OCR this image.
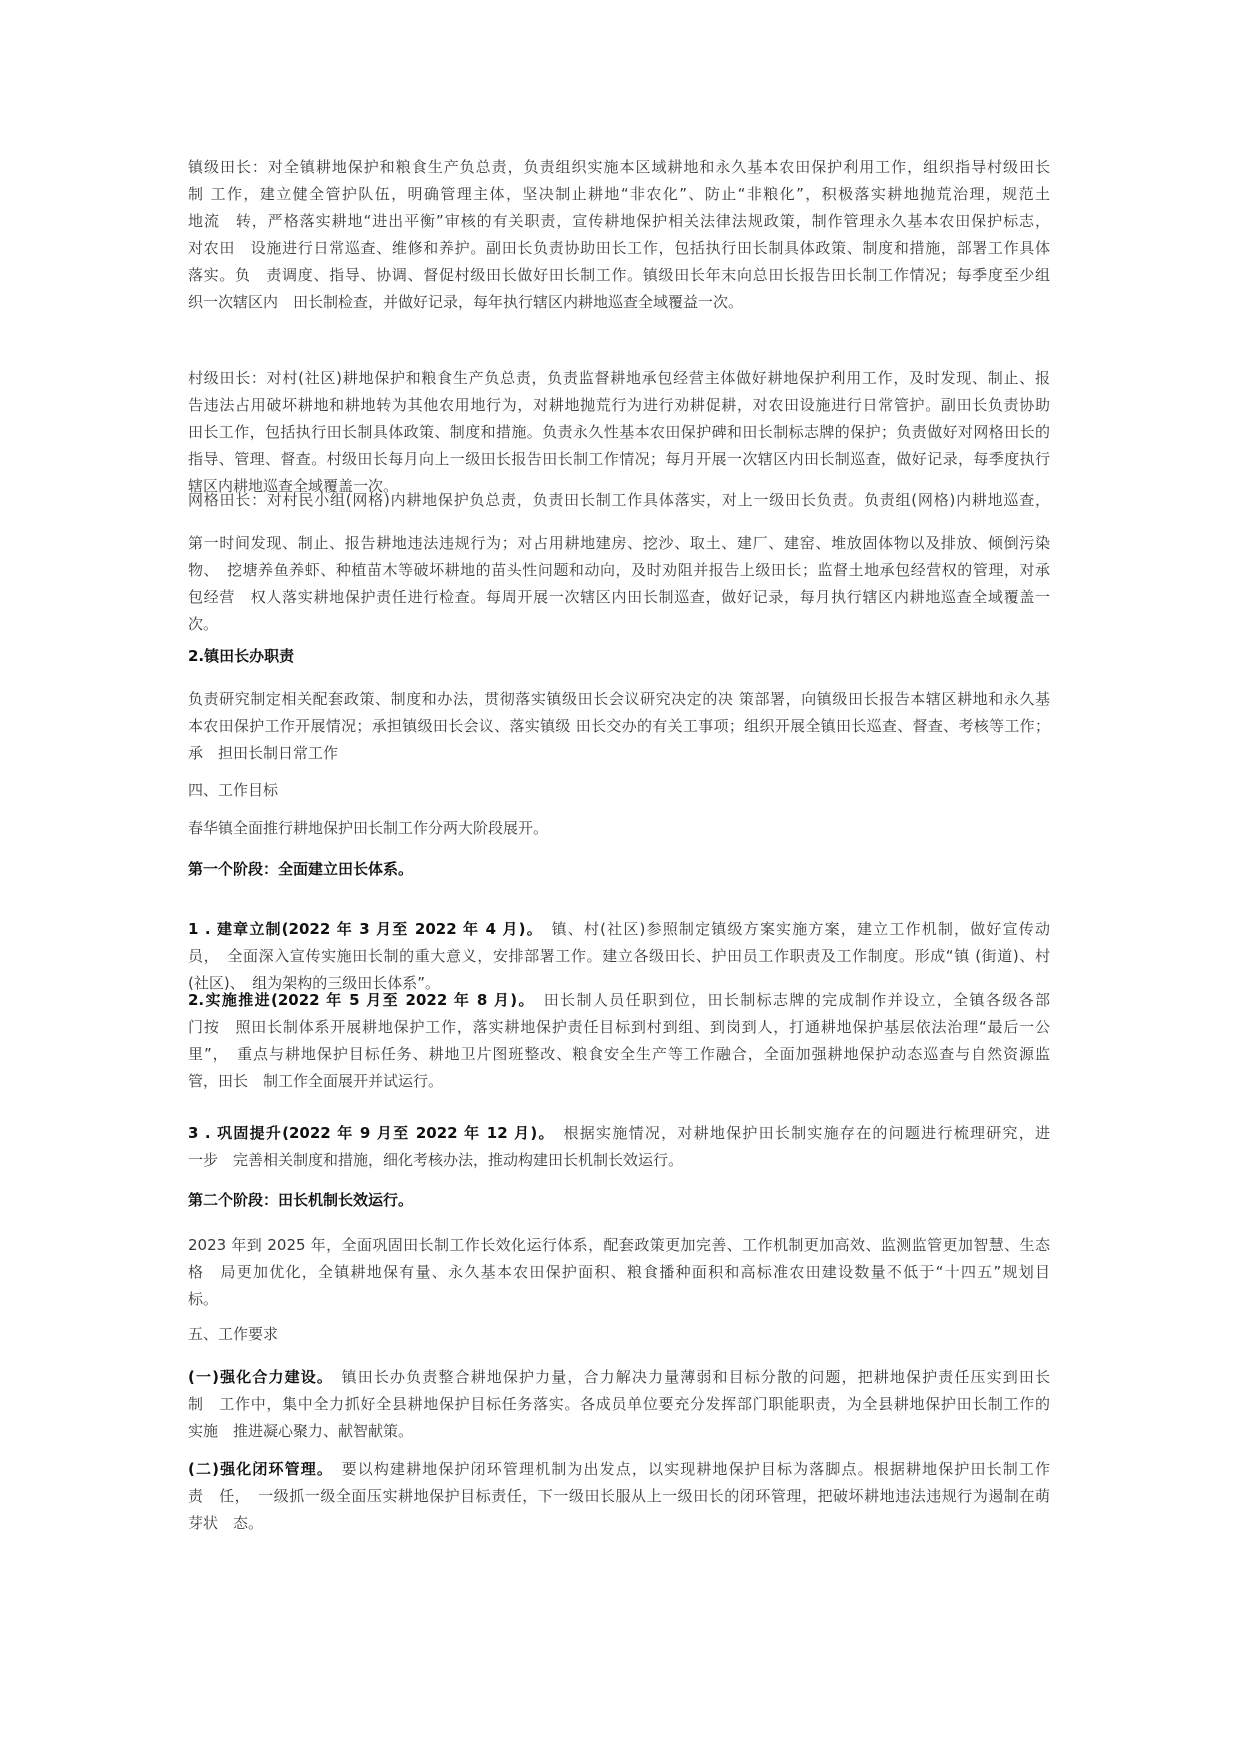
镇级田长：对全镇耕地保护和粮食生产负总责，负责组织实施本区域耕地和永久基本农田保护利用工作，组织指导村级田长
制 工作，建立健全管护队伍，明确管理主体，坚决制止耕地“非农化”、防止“非粮化”，积极落实耕地抛荒治理，规范土
地流　转，严格落实耕地“进出平衡”审核的有关职责，宣传耕地保护相关法律法规政策，制作管理永久基本农田保护标志，
对农田　设施进行日常巡查、维修和养护。副田长负责协助田长工作，包括执行田长制具体政策、制度和措施，部署工作具体
落实。负　责调度、指导、协调、督促村级田长做好田长制工作。镇级田长年末向总田长报告田长制工作情况；每季度至少组
织一次辖区内　田长制检查，并做好记录，每年执行辖区内耕地巡查全域覆益一次。
村级田长：对村(社区)耕地保护和粮食生产负总责，负责监督耕地承包经营主体做好耕地保护利用工作，及时发现、制止、报
告违法占用破坏耕地和耕地转为其他农用地行为，对耕地抛荒行为进行劝耕促耕，对农田设施进行日常管护。副田长负责协助
田长工作，包括执行田长制具体政策、制度和措施。负责永久性基本农田保护碑和田长制标志牌的保护；负责做好对网格田长的
指导、管理、督查。村级田长每月向上一级田长报告田长制工作情况；每月开展一次辖区内田长制巡查，做好记录，每季度执行
辖区内耕地巡查全域覆盖一次。
网格田长：对村民小组(网格)内耕地保护负总责，负责田长制工作具体落实，对上一级田长负责。负责组(网格)内耕地巡查，
第一时间发现、制止、报告耕地违法违规行为；对占用耕地建房、挖沙、取土、建厂、建窑、堆放固体物以及排放、倾倒污染
物、　挖塘养鱼养虾、种植苗木等破坏耕地的苗头性问题和动向，及时劝阻并报告上级田长；监督土地承包经营权的管理，对承
包经营　权人落实耕地保护责任进行检查。每周开展一次辖区内田长制巡查，做好记录，每月执行辖区内耕地巡查全域覆盖一
次。
2.镇田长办职责
负责研究制定相关配套政策、制度和办法，贯彻落实镇级田长会议研究决定的决 策部署，向镇级田长报告本辖区耕地和永久基
本农田保护工作开展情况；承担镇级田长会议、落实镇级 田长交办的有关工事项；组织开展全镇田长巡查、督查、考核等工作；
承　担田长制日常工作
四、工作目标
春华镇全面推行耕地保护田长制工作分两大阶段展开。
第一个阶段：全面建立田长体系。
1 . 建章立制(2022 年 3 月至 2022 年 4 月)。　 镇、村(社区)参照制定镇级方案实施方案，建立工作机制，做好宣传动
员，　全面深入宣传实施田长制的重大意义，安排部署工作。建立各级田长、护田员工作职责及工作制度。形成“镇 (街道)、村
(社区)、　组为架构的三级田长体系”。
2.实施推进(2022 年 5 月至 2022 年 8 月)。　 田长制人员任职到位，田长制标志牌的完成制作并设立，全镇各级各部
门按　照田长制体系开展耕地保护工作，落实耕地保护责任目标到村到组、到岗到人，打通耕地保护基层依法治理“最后一公
里”，　重点与耕地保护目标任务、耕地卫片图班整改、粮食安全生产等工作融合，全面加强耕地保护动态巡查与自然资源监
管，田长　制工作全面展开并试运行。
3 . 巩固提升(2022 年 9 月至 2022 年 12 月)。　 根据实施情况，对耕地保护田长制实施存在的问题进行梳理研究，进
一步　完善相关制度和措施，细化考核办法，推动构建田长机制长效运行。
第二个阶段：田长机制长效运行。
2023 年到 2025 年，全面巩固田长制工作长效化运行体系，配套政策更加完善、工作机制更加高效、监测监管更加智慧、生态
格　局更加优化，全镇耕地保有量、永久基本农田保护面积、粮食播种面积和高标准农田建设数量不低于“十四五”规划目
标。
五、工作要求
(一)强化合力建设。　 镇田长办负责整合耕地保护力量，合力解决力量薄弱和目标分散的问题，把耕地保护责任压实到田长
制　工作中，集中全力抓好全县耕地保护目标任务落实。各成员单位要充分发挥部门职能职责，为全县耕地保护田长制工作的
实施　推进凝心聚力、献智献策。
(二)强化闭环管理。　 要以构建耕地保护闭环管理机制为出发点，以实现耕地保护目标为落脚点。根据耕地保护田长制工作
责　任，　一级抓一级全面压实耕地保护目标责任，下一级田长服从上一级田长的闭环管理，把破坏耕地违法违规行为遏制在萌
芽状　态。
